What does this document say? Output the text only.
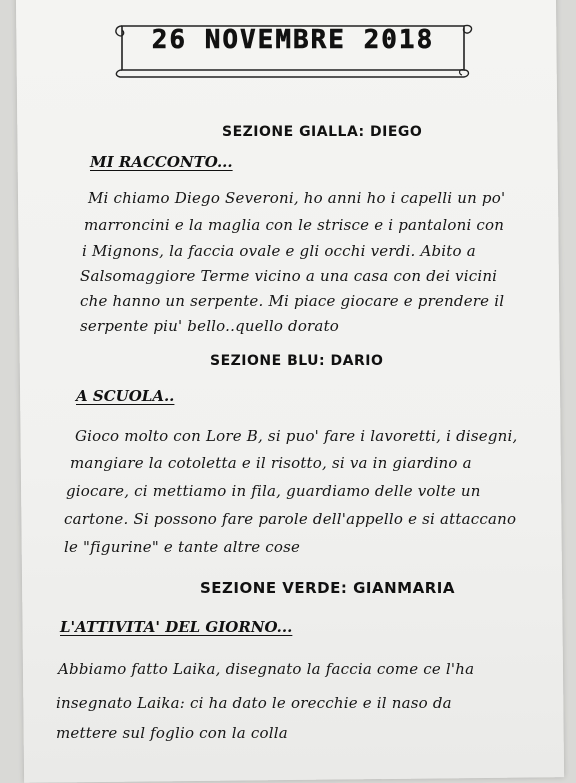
26 NOVEMBRE 2018
SEZIONE GIALLA: DIEGO
MI RACCONTO...
Mi chiamo Diego Severoni, ho anni ho i capelli un po'
marroncini e la maglia con le strisce e i pantaloni con
i Mignons, la faccia ovale e gli occhi verdi. Abito a
Salsomaggiore Terme vicino a una casa con dei vicini
che hanno un serpente. Mi piace giocare e prendere il
serpente piu' bello..quello dorato
SEZIONE BLU: DARIO
A SCUOLA..
Gioco molto con Lore B, si puo' fare i lavoretti, i disegni,
mangiare la cotoletta e il risotto, si va in giardino a
giocare, ci mettiamo in fila, guardiamo delle volte un
cartone. Si possono fare parole dell'appello e si attaccano
le "figurine" e tante altre cose
SEZIONE VERDE: GIANMARIA
L'ATTIVITA' DEL GIORNO...
Abbiamo fatto Laika, disegnato la faccia come ce l'ha
insegnato Laika: ci ha dato le orecchie e il naso da
mettere sul foglio con la colla
